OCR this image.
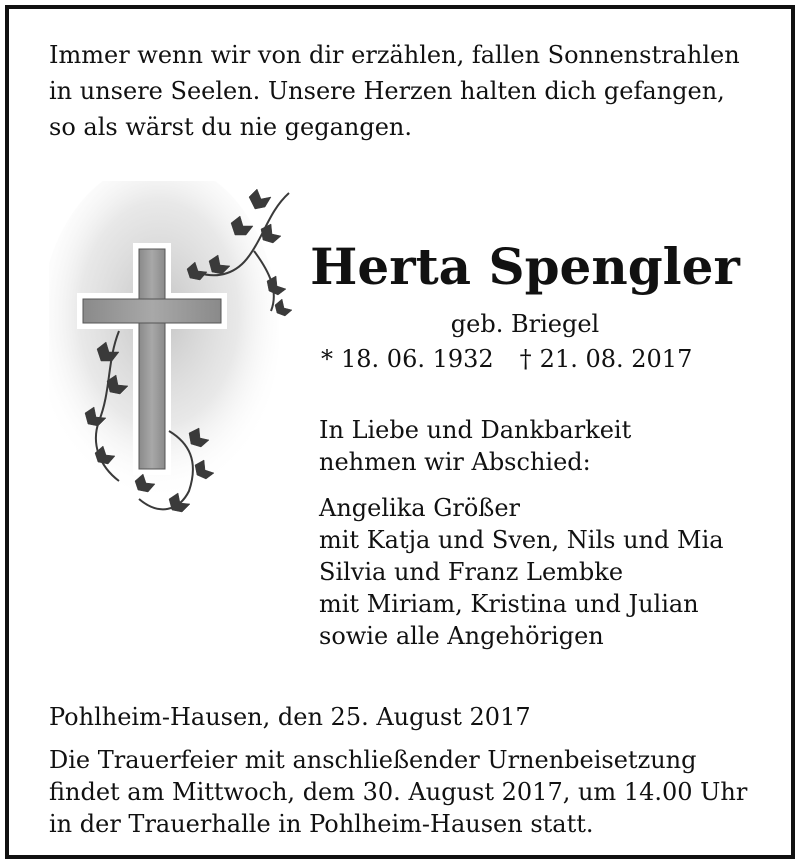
Immer wenn wir von dir erzählen, fallen Sonnenstrahlen
in unsere Seelen. Unsere Herzen halten dich gefangen,
so als wärst du nie gegangen.
Herta Spengler

geb. Briegel

* 18. 06. 1932 † 21. 08. 2017
In Liebe und Dankbarkeit
nehmen wir Abschied:
Angelika Größer
mit Katja und Sven, Nils und Mia
Silvia und Franz Lembke
mit Miriam, Kristina und Julian
sowie alle Angehörigen
Pohlheim-Hausen, den 25. August 2017
Die Trauerfeier mit anschließender Urnenbeisetzung
findet am Mittwoch, dem 30. August 2017, um 14.00 Uhr
in der Trauerhalle in Pohlheim-Hausen statt.
